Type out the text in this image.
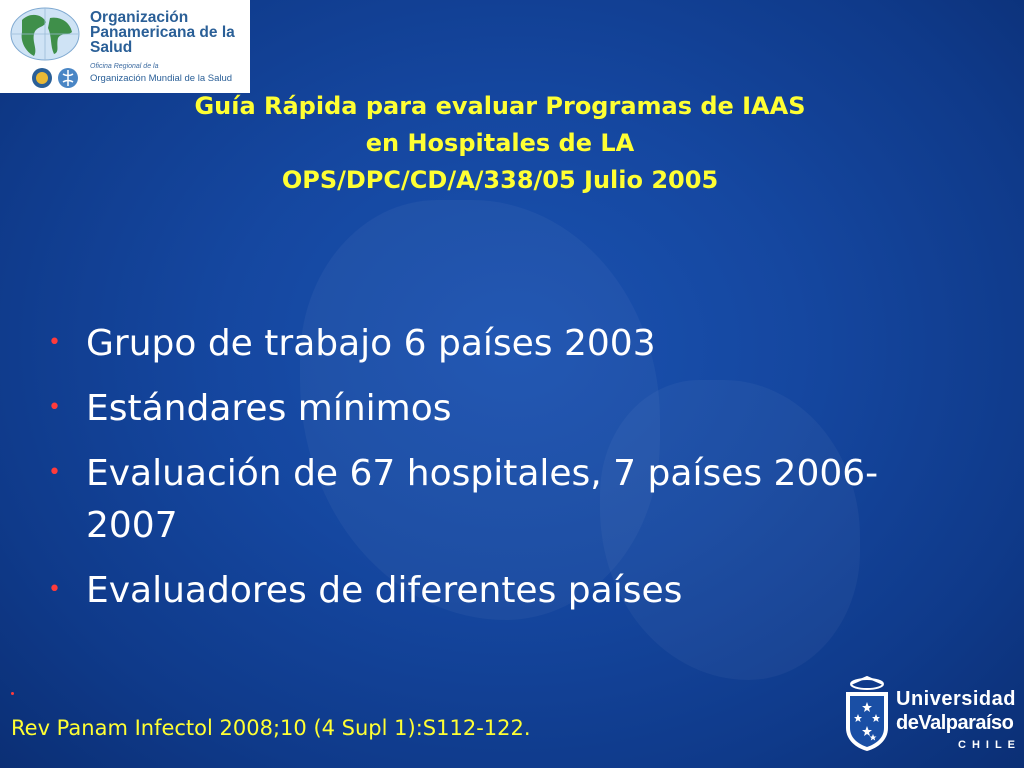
Organización Panamericana de la Salud
Oficina Regional de la
Organización Mundial de la Salud
Guía Rápida para evaluar Programas de IAAS
en Hospitales de LA
OPS/DPC/CD/A/338/05 Julio 2005
• Grupo de trabajo 6 países 2003
• Estándares mínimos
• Evaluación de 67 hospitales, 7 países 2006-2007
• Evaluadores de diferentes países
Rev Panam Infectol 2008;10 (4 Supl 1):S112-122.
Universidad
deValparaíso
CHILE
